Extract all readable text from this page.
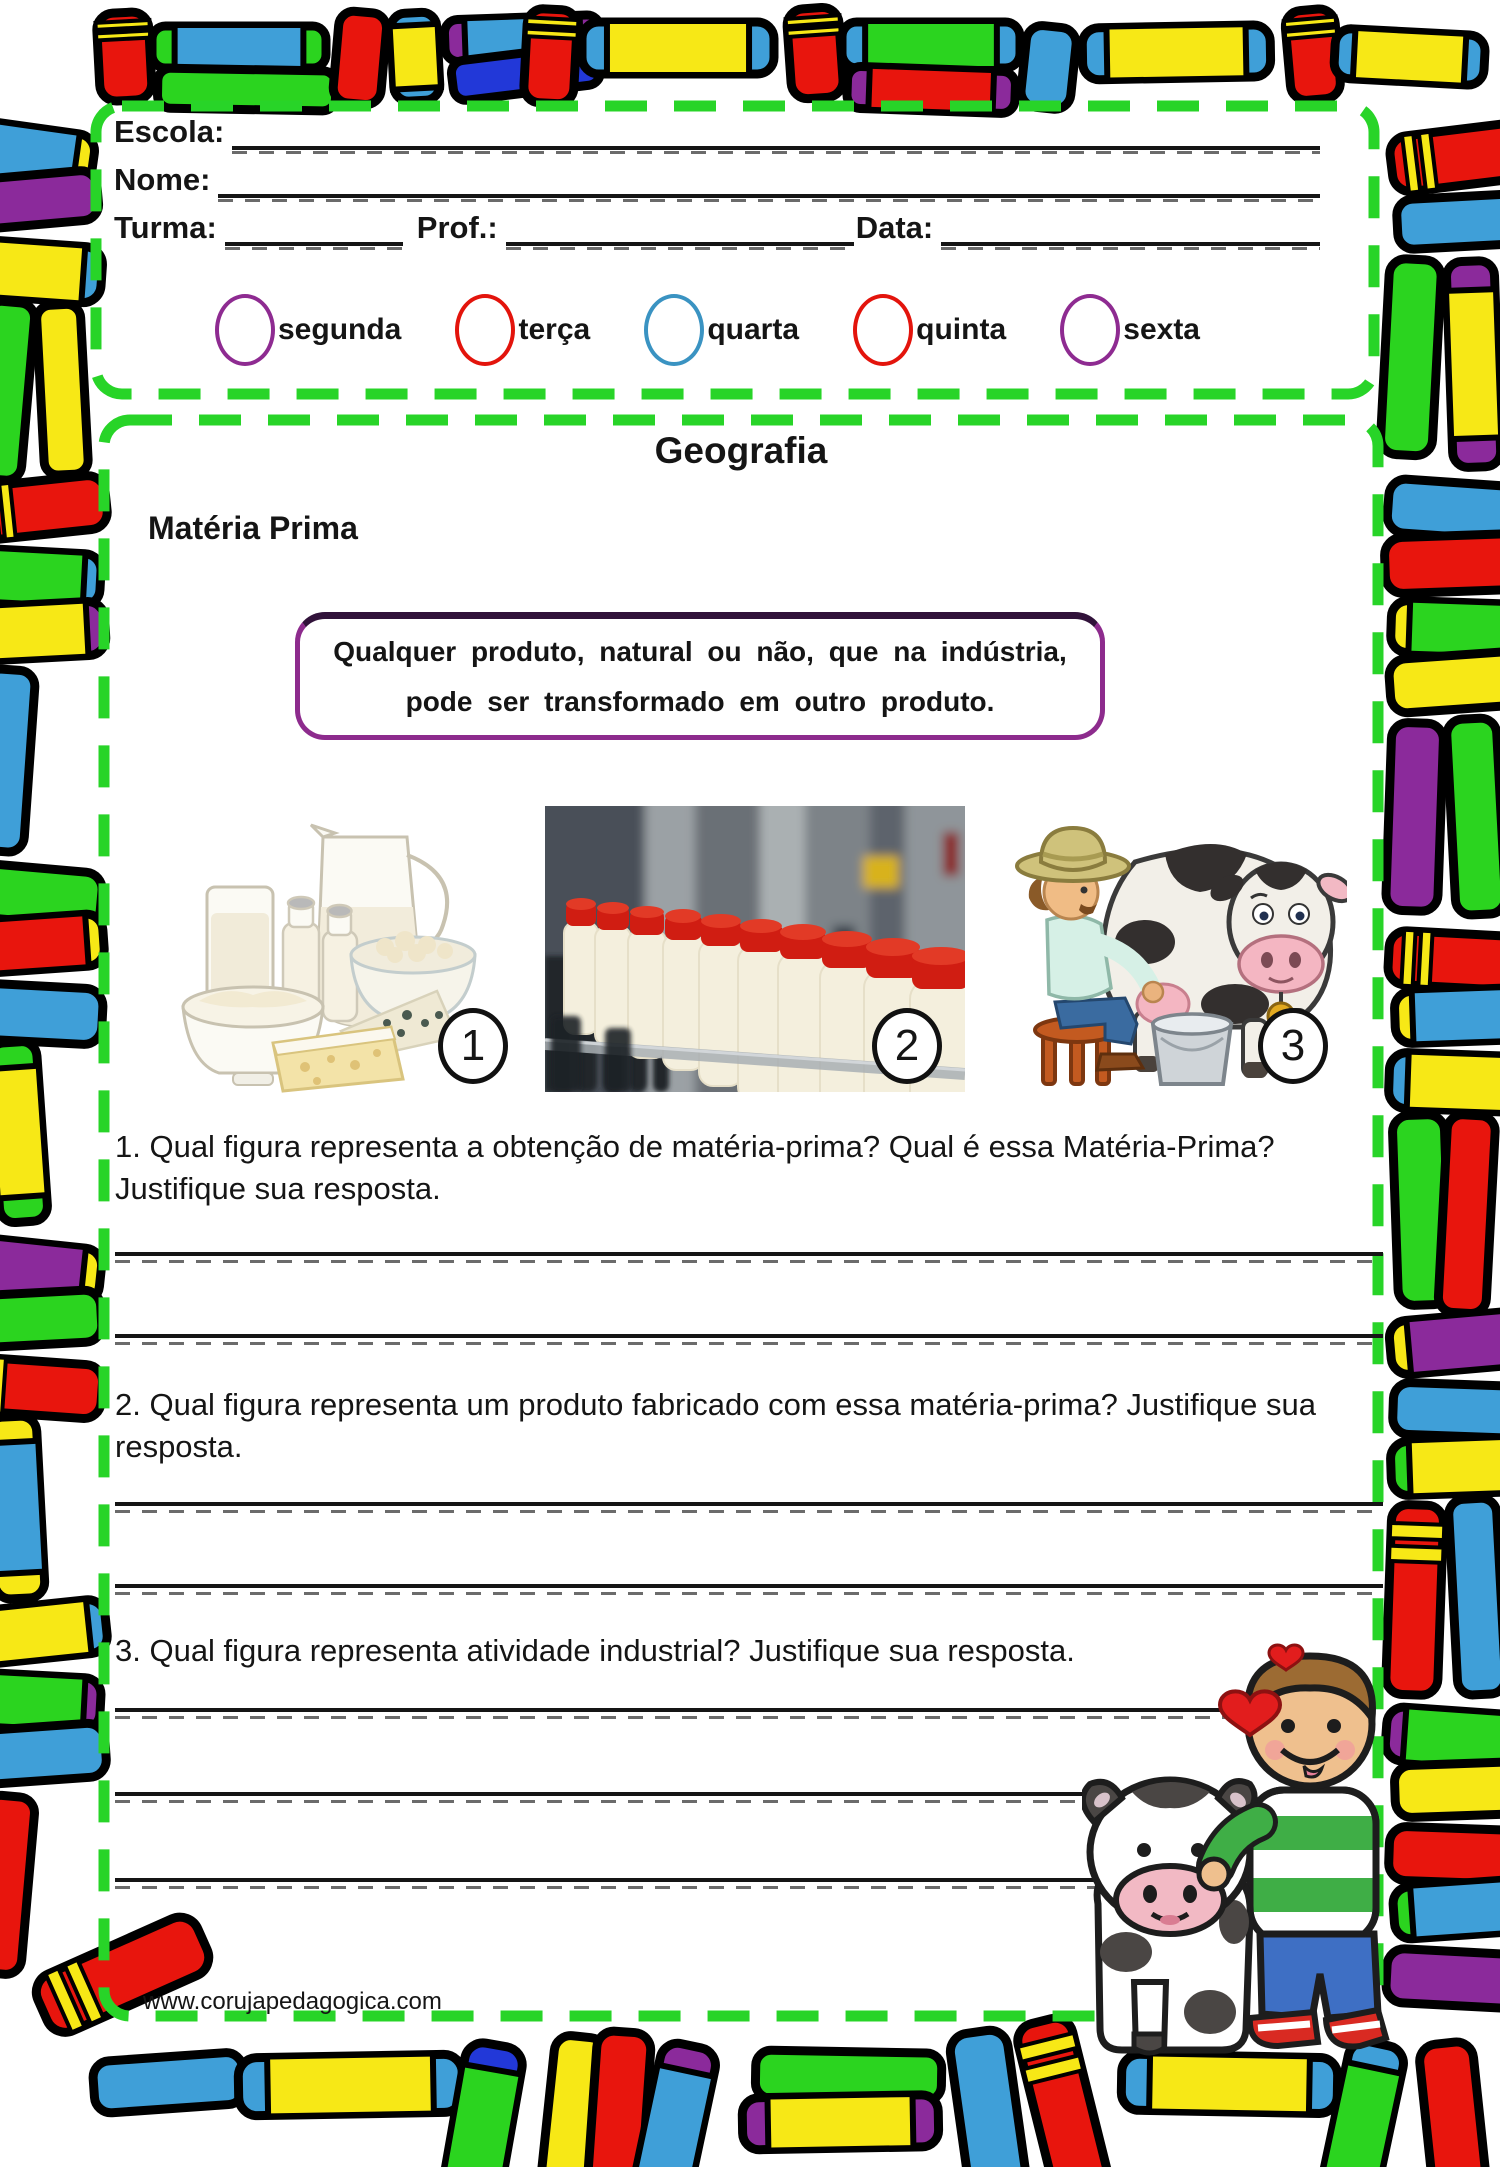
Escola:
Nome:
Turma:	Prof.:	Data:
segunda	terça	quarta	quinta	sexta
Geografia
Matéria Prima
Qualquer produto, natural ou não, que na indústria,
pode ser transformado em outro produto.
1	2	3
1. Qual figura representa a obtenção de matéria-prima? Qual é essa Matéria-Prima? Justifique sua resposta.
2. Qual figura representa um produto fabricado com essa matéria-prima? Justifique sua resposta.
3. Qual figura representa atividade industrial? Justifique sua resposta.
www.corujapedagogica.com
